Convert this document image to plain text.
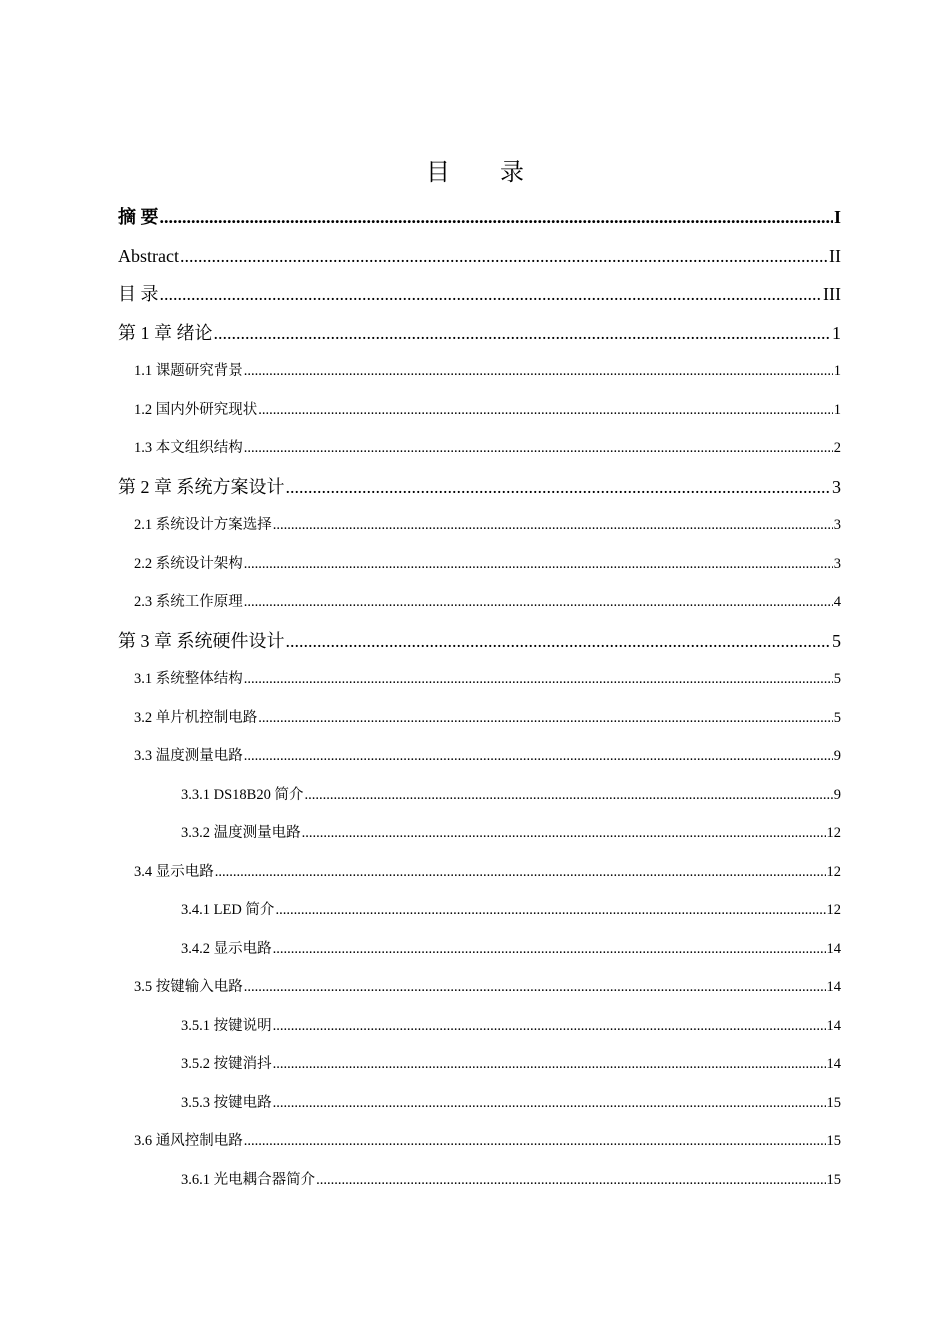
目 录
摘 要 .....	I
Abstract .....	II
目 录 .....	III
第 1 章 绪论 .....	1
1.1 课题研究背景 .....	1
1.2 国内外研究现状 .....	1
1.3 本文组织结构 .....	2
第 2 章 系统方案设计 .....	3
2.1 系统设计方案选择 .....	3
2.2 系统设计架构 .....	3
2.3 系统工作原理 .....	4
第 3 章 系统硬件设计 .....	5
3.1 系统整体结构 .....	5
3.2 单片机控制电路 .....	5
3.3 温度测量电路 .....	9
3.3.1 DS18B20 简介 .....	9
3.3.2 温度测量电路 .....	12
3.4 显示电路 .....	12
3.4.1 LED 简介 .....	12
3.4.2 显示电路 .....	14
3.5 按键输入电路 .....	14
3.5.1 按键说明 .....	14
3.5.2 按键消抖 .....	14
3.5.3 按键电路 .....	15
3.6 通风控制电路 .....	15
3.6.1 光电耦合器简介 .....	15
